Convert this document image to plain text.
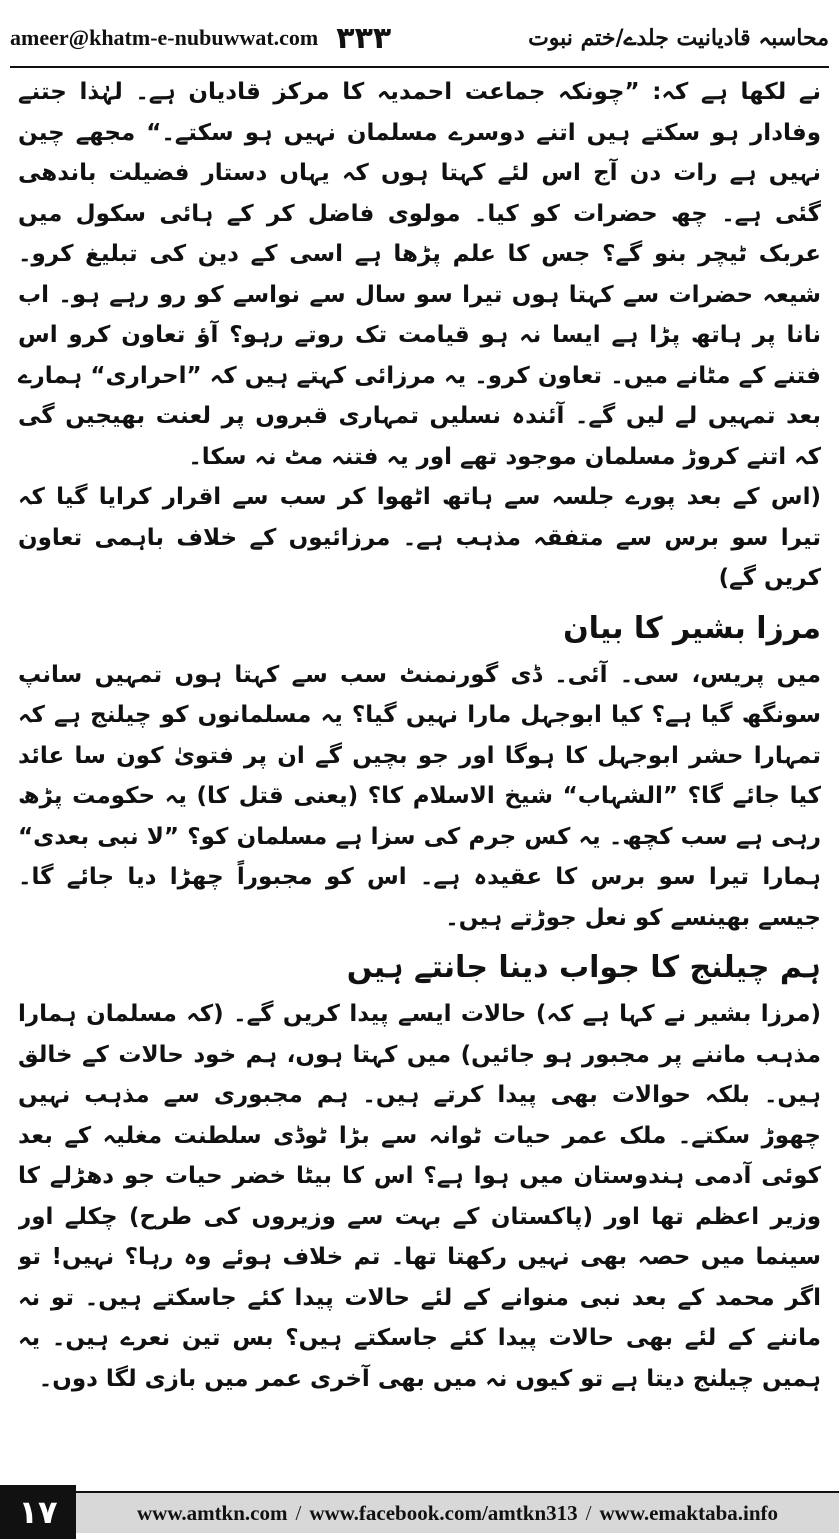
ameer@khatm-e-nubuwwat.com ۳۳۳	محاسبہ قادیانیت جلدے/ختم نبوت

نے لکھا ہے کہ: ”چونکہ جماعت احمدیہ کا مرکز قادیان ہے۔ لہٰذا جتنے وفادار ہو سکتے ہیں اتنے دوسرے مسلمان نہیں ہو سکتے۔“ مجھے چین نہیں ہے رات دن آج اس لئے کہتا ہوں کہ یہاں دستار فضیلت باندھی گئی ہے۔ چھ حضرات کو کیا۔ مولوی فاضل کر کے ہائی سکول میں عربک ٹیچر بنو گے؟ جس کا علم پڑھا ہے اسی کے دین کی تبلیغ کرو۔ شیعہ حضرات سے کہتا ہوں تیرا سو سال سے نواسے کو رو رہے ہو۔ اب نانا پر ہاتھ پڑا ہے ایسا نہ ہو قیامت تک روتے رہو؟ آؤ تعاون کرو اس فتنے کے مٹانے میں۔ تعاون کرو۔ یہ مرزائی کہتے ہیں کہ ”احراری“ ہمارے بعد تمہیں لے لیں گے۔ آئندہ نسلیں تمہاری قبروں پر لعنت بھیجیں گی کہ اتنے کروڑ مسلمان موجود تھے اور یہ فتنہ مٹ نہ سکا۔

(اس کے بعد پورے جلسہ سے ہاتھ اٹھوا کر سب سے اقرار کرایا گیا کہ تیرا سو برس سے متفقہ مذہب ہے۔ مرزائیوں کے خلاف باہمی تعاون کریں گے)

مرزا بشیر کا بیان

میں پریس، سی۔ آئی۔ ڈی گورنمنٹ سب سے کہتا ہوں تمہیں سانپ سونگھ گیا ہے؟ کیا ابوجہل مارا نہیں گیا؟ یہ مسلمانوں کو چیلنج ہے کہ تمہارا حشر ابوجہل کا ہوگا اور جو بچیں گے ان پر فتویٰ کون سا عائد کیا جائے گا؟ ”الشہاب“ شیخ الاسلام کا؟ (یعنی قتل کا) یہ حکومت پڑھ رہی ہے سب کچھ۔ یہ کس جرم کی سزا ہے مسلمان کو؟ ”لا نبی بعدی“ ہمارا تیرا سو برس کا عقیدہ ہے۔ اس کو مجبوراً چھڑا دیا جائے گا۔ جیسے بھینسے کو نعل جوڑتے ہیں۔

ہم چیلنج کا جواب دینا جانتے ہیں

(مرزا بشیر نے کہا ہے کہ) حالات ایسے پیدا کریں گے۔ (کہ مسلمان ہمارا مذہب ماننے پر مجبور ہو جائیں) میں کہتا ہوں، ہم خود حالات کے خالق ہیں۔ بلکہ حوالات بھی پیدا کرتے ہیں۔ ہم مجبوری سے مذہب نہیں چھوڑ سکتے۔ ملک عمر حیات ٹوانہ سے بڑا ٹوڈی سلطنت مغلیہ کے بعد کوئی آدمی ہندوستان میں ہوا ہے؟ اس کا بیٹا خضر حیات جو دھڑلے کا وزیر اعظم تھا اور (پاکستان کے بہت سے وزیروں کی طرح) چکلے اور سینما میں حصہ بھی نہیں رکھتا تھا۔ تم خلاف ہوئے وہ رہا؟ نہیں! تو اگر محمد کے بعد نبی منوانے کے لئے حالات پیدا کئے جاسکتے ہیں۔ تو نہ ماننے کے لئے بھی حالات پیدا کئے جاسکتے ہیں؟ بس تین نعرے ہیں۔ یہ ہمیں چیلنج دیتا ہے تو کیوں نہ میں بھی آخری عمر میں بازی لگا دوں۔

۱۷	www.amtkn.com / www.facebook.com/amtkn313 / www.emaktaba.info
